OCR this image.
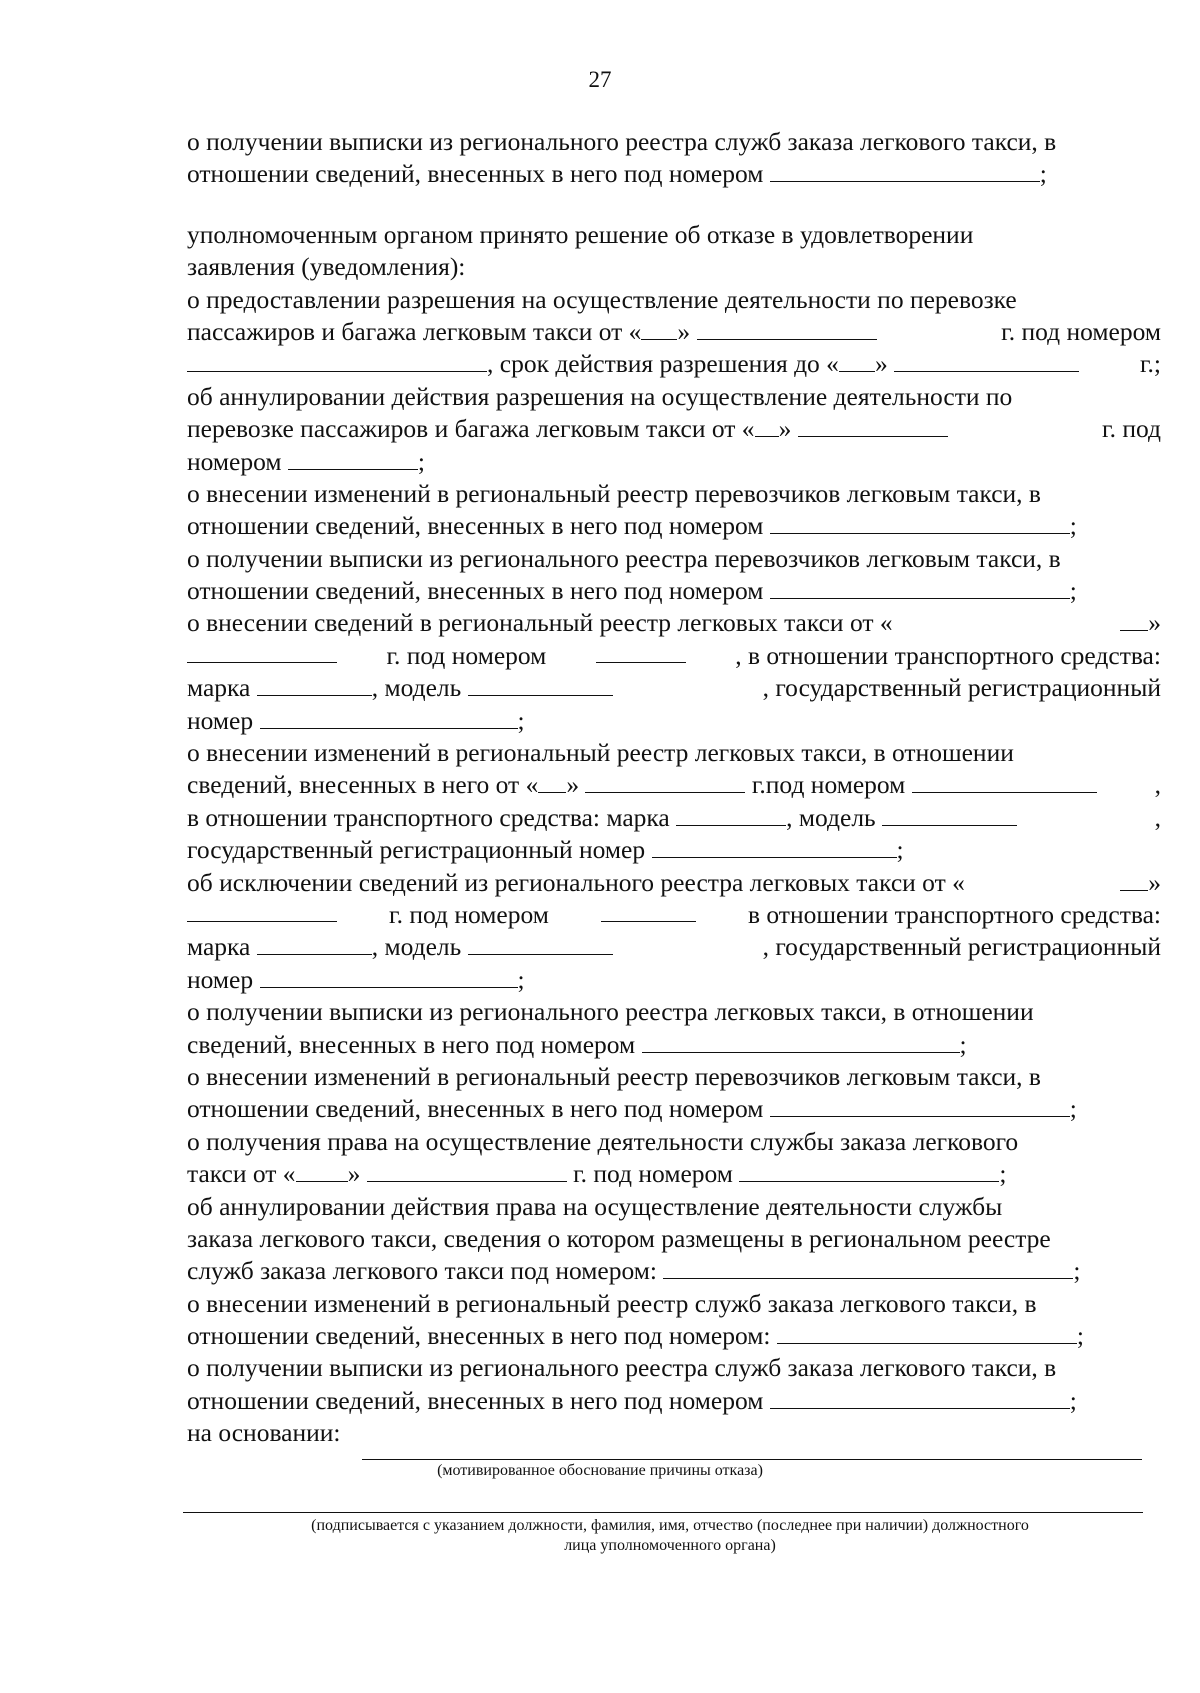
27
о получении выписки из регионального реестра служб заказа легкового такси, в
отношении сведений, внесенных в него под номером	;
уполномоченным органом принято решение об отказе в удовлетворении
заявления (уведомления):
о предоставлении разрешения на осуществление деятельности по перевозке
пассажиров и багажа легковым такси от « »	г. под номером
, срок действия разрешения до « »	г.;
об аннулировании действия разрешения на осуществление деятельности по
перевозке пассажиров и багажа легковым такси от « »	г. под
номером	;
о внесении изменений в региональный реестр перевозчиков легковым такси, в
отношении сведений, внесенных в него под номером	;
о получении выписки из регионального реестра перевозчиков легковым такси, в
отношении сведений, внесенных в него под номером	;
о внесении сведений в региональный реестр легковых такси от «	»
г. под номером	, в отношении транспортного средства:
марка	, модель	, государственный регистрационный
номер	;
о внесении изменений в региональный реестр легковых такси, в отношении
сведений, внесенных в него от « »	г.под номером	,
в отношении транспортного средства: марка	, модель	,
государственный регистрационный номер	;
об исключении сведений из регионального реестра легковых такси от «	»
г. под номером	в отношении транспортного средства:
марка	, модель	, государственный регистрационный
номер	;
о получении выписки из регионального реестра легковых такси, в отношении
сведений, внесенных в него под номером	;
о внесении изменений в региональный реестр перевозчиков легковым такси, в
отношении сведений, внесенных в него под номером	;
о получения права на осуществление деятельности службы заказа легкового
такси от « »	г. под номером	;
об аннулировании действия права на осуществление деятельности службы
заказа легкового такси, сведения о котором размещены в региональном реестре
служб заказа легкового такси под номером:	;
о внесении изменений в региональный реестр служб заказа легкового такси, в
отношении сведений, внесенных в него под номером:	;
о получении выписки из регионального реестра служб заказа легкового такси, в
отношении сведений, внесенных в него под номером	;
на основании:
(мотивированное обоснование причины отказа)
(подписывается с указанием должности, фамилия, имя, отчество (последнее при наличии) должностного
лица уполномоченного органа)
